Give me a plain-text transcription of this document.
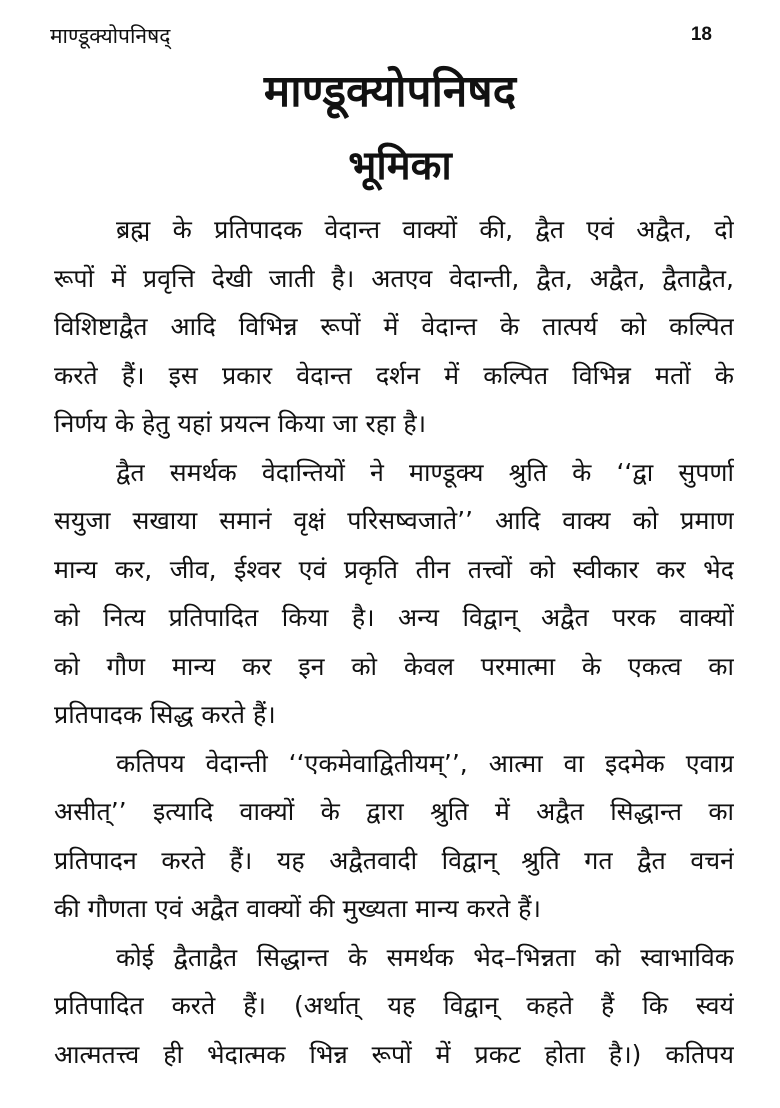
माण्डूक्योपनिषद्	18
माण्डूक्योपनिषद
भूमिका
ब्रह्म के प्रतिपादक वेदान्त वाक्यों की, द्वैत एवं अद्वैत, दो
रूपों में प्रवृत्ति देखी जाती है। अतएव वेदान्ती, द्वैत, अद्वैत, द्वैताद्वैत,
विशिष्टाद्वैत आदि विभिन्न रूपों में वेदान्त के तात्पर्य को कल्पित
करते हैं। इस प्रकार वेदान्त दर्शन में कल्पित विभिन्न मतों के
निर्णय के हेतु यहां प्रयत्न किया जा रहा है।
द्वैत समर्थक वेदान्तियों ने माण्डूक्य श्रुति के ‘‘द्वा सुपर्णा
सयुजा सखाया समानं वृक्षं परिसष्वजाते’’ आदि वाक्य को प्रमाण
मान्य कर, जीव, ईश्वर एवं प्रकृति तीन तत्त्वों को स्वीकार कर भेद
को नित्य प्रतिपादित किया है। अन्य विद्वान् अद्वैत परक वाक्यों
को गौण मान्य कर इन को केवल परमात्मा के एकत्व का
प्रतिपादक सिद्ध करते हैं।
कतिपय वेदान्ती ‘‘एकमेवाद्वितीयम्’’, आत्मा वा इदमेक एवाग्र
असीत्’’ इत्यादि वाक्यों के द्वारा श्रुति में अद्वैत सिद्धान्त का
प्रतिपादन करते हैं। यह अद्वैतवादी विद्वान् श्रुति गत द्वैत वचनं
की गौणता एवं अद्वैत वाक्यों की मुख्यता मान्य करते हैं।
कोई द्वैताद्वैत सिद्धान्त के समर्थक भेद–भिन्नता को स्वाभाविक
प्रतिपादित करते हैं। (अर्थात् यह विद्वान् कहते हैं कि स्वयं
आत्मतत्त्व ही भेदात्मक भिन्न रूपों में प्रकट होता है।) कतिपय
